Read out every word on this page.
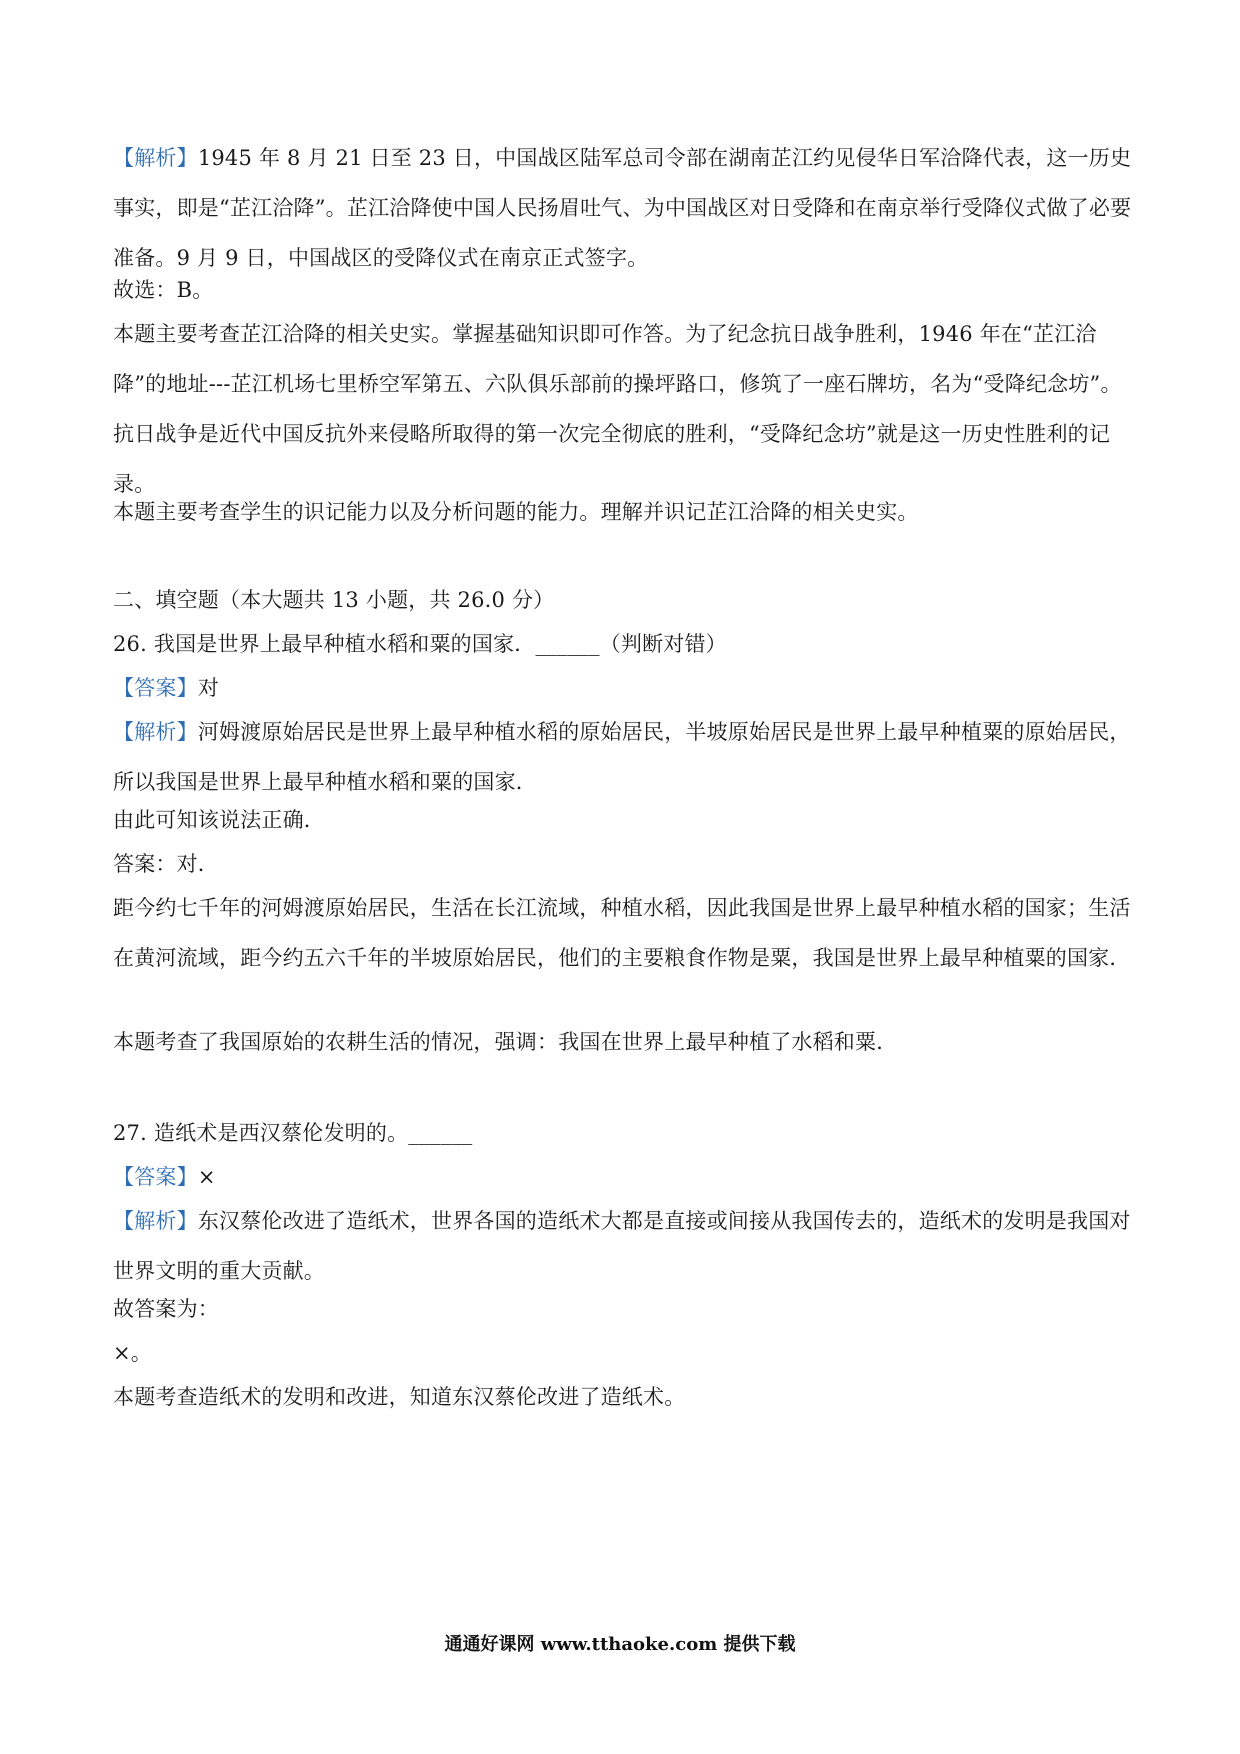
【解析】1945 年 8 月 21 日至 23 日，中国战区陆军总司令部在湖南芷江约见侵华日军洽降代表，这一历史事实，即是“芷江洽降”。芷江洽降使中国人民扬眉吐气、为中国战区对日受降和在南京举行受降仪式做了必要准备。9 月 9 日，中国战区的受降仪式在南京正式签字。

故选：B。

本题主要考查芷江洽降的相关史实。掌握基础知识即可作答。为了纪念抗日战争胜利，1946 年在“芷江洽降”的地址---芷江机场七里桥空军第五、六队俱乐部前的操坪路口，修筑了一座石牌坊，名为“受降纪念坊”。抗日战争是近代中国反抗外来侵略所取得的第一次完全彻底的胜利，“受降纪念坊”就是这一历史性胜利的记录。

本题主要考查学生的识记能力以及分析问题的能力。理解并识记芷江洽降的相关史实。

二、填空题（本大题共 13 小题，共 26.0 分）

26. 我国是世界上最早种植水稻和粟的国家．______（判断对错）

【答案】对

【解析】河姆渡原始居民是世界上最早种植水稻的原始居民，半坡原始居民是世界上最早种植粟的原始居民，所以我国是世界上最早种植水稻和粟的国家．

由此可知该说法正确．

答案：对．

距今约七千年的河姆渡原始居民，生活在长江流域，种植水稻，因此我国是世界上最早种植水稻的国家；生活在黄河流域，距今约五六千年的半坡原始居民，他们的主要粮食作物是粟，我国是世界上最早种植粟的国家．

本题考查了我国原始的农耕生活的情况，强调：我国在世界上最早种植了水稻和粟．

27. 造纸术是西汉蔡伦发明的。______

【答案】×

【解析】东汉蔡伦改进了造纸术，世界各国的造纸术大都是直接或间接从我国传去的，造纸术的发明是我国对世界文明的重大贡献。

故答案为：

×。

本题考查造纸术的发明和改进，知道东汉蔡伦改进了造纸术。

通通好课网 www.tthaoke.com 提供下载
